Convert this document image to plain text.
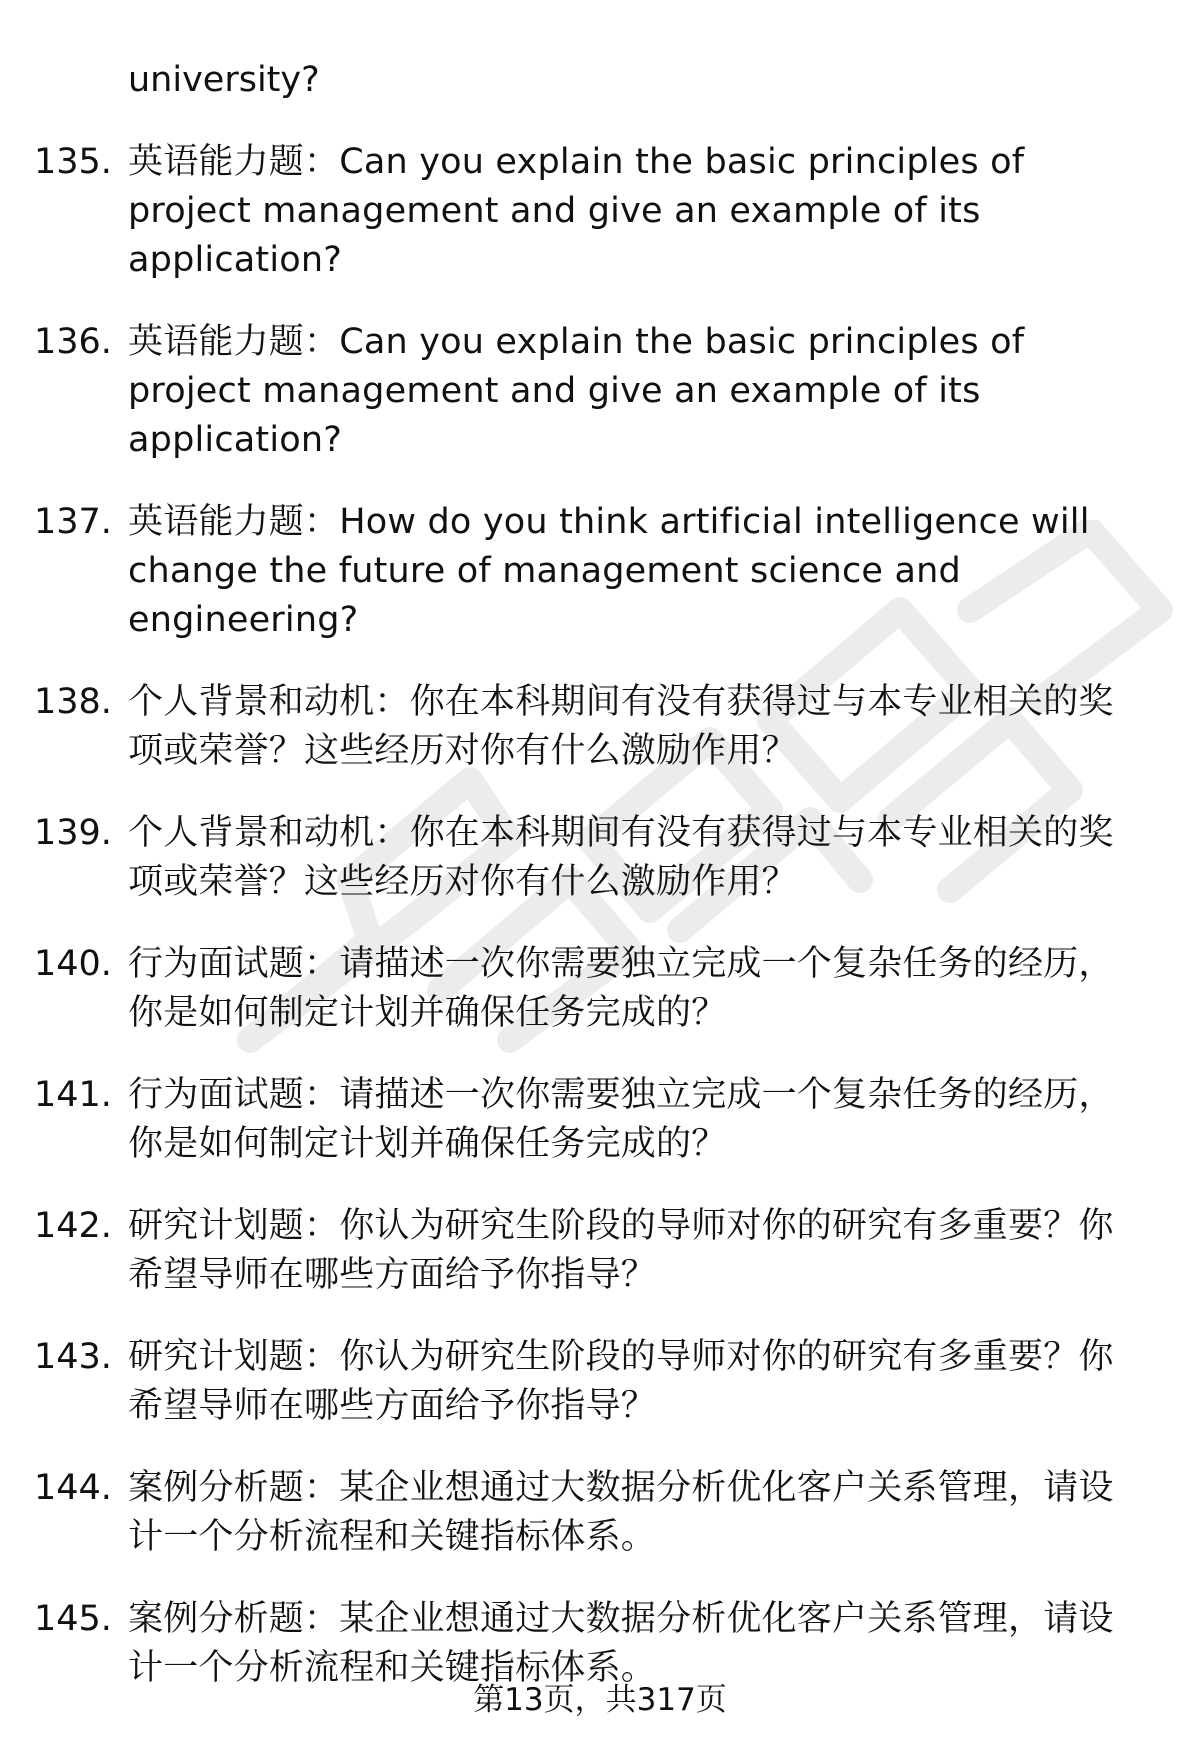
university?
135. 英语能力题：Can you explain the basic principles of project management and give an example of its application?
136. 英语能力题：Can you explain the basic principles of project management and give an example of its application?
137. 英语能力题：How do you think artificial intelligence will change the future of management science and engineering?
138. 个人背景和动机：你在本科期间有没有获得过与本专业相关的奖项或荣誉？这些经历对你有什么激励作用？
139. 个人背景和动机：你在本科期间有没有获得过与本专业相关的奖项或荣誉？这些经历对你有什么激励作用？
140. 行为面试题：请描述一次你需要独立完成一个复杂任务的经历，你是如何制定计划并确保任务完成的？
141. 行为面试题：请描述一次你需要独立完成一个复杂任务的经历，你是如何制定计划并确保任务完成的？
142. 研究计划题：你认为研究生阶段的导师对你的研究有多重要？你希望导师在哪些方面给予你指导？
143. 研究计划题：你认为研究生阶段的导师对你的研究有多重要？你希望导师在哪些方面给予你指导？
144. 案例分析题：某企业想通过大数据分析优化客户关系管理，请设计一个分析流程和关键指标体系。
145. 案例分析题：某企业想通过大数据分析优化客户关系管理，请设计一个分析流程和关键指标体系。
第13页，共317页
